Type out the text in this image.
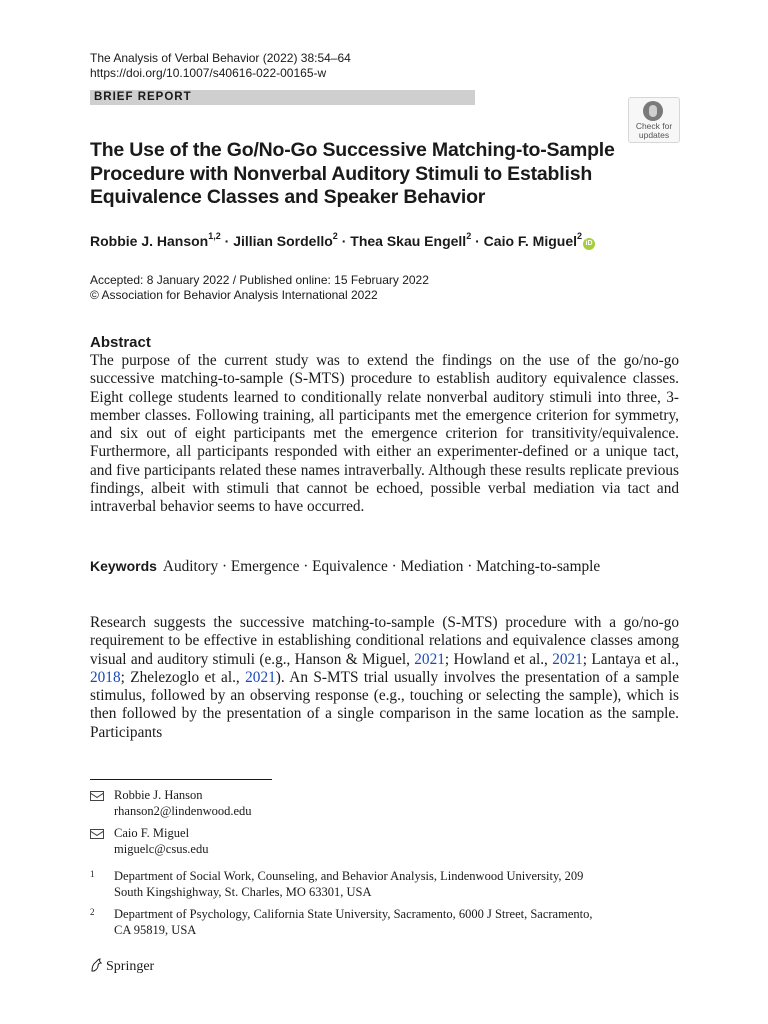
The Analysis of Verbal Behavior (2022) 38:54–64
https://doi.org/10.1007/s40616-022-00165-w
BRIEF REPORT
Check for
updates
The Use of the Go/No-Go Successive Matching-to-Sample Procedure with Nonverbal Auditory Stimuli to Establish Equivalence Classes and Speaker Behavior
Robbie J. Hanson$^{1,2}$ · Jillian Sordello$^2$ · Thea Skau Engell$^2$ · Caio F. Miguel$^2$iD
Accepted: 8 January 2022 / Published online: 15 February 2022
© Association for Behavior Analysis International 2022
Abstract
The purpose of the current study was to extend the findings on the use of the go/no-go successive matching-to-sample (S-MTS) procedure to establish auditory equivalence classes. Eight college students learned to conditionally relate nonverbal auditory stimuli into three, 3-member classes. Following training, all participants met the emergence criterion for symmetry, and six out of eight participants met the emergence criterion for transitivity/equivalence. Furthermore, all participants responded with either an experimenter-defined or a unique tact, and five participants related these names intraverbally. Although these results replicate previous findings, albeit with stimuli that cannot be echoed, possible verbal mediation via tact and intraverbal behavior seems to have occurred.
Keywords Auditory · Emergence · Equivalence · Mediation · Matching-to-sample
Research suggests the successive matching-to-sample (S-MTS) procedure with a go/no-go requirement to be effective in establishing conditional relations and equivalence classes among visual and auditory stimuli (e.g., Hanson & Miguel, 2021; Howland et al., 2021; Lantaya et al., 2018; Zhelezoglo et al., 2021). An S-MTS trial usually involves the presentation of a sample stimulus, followed by an observing response (e.g., touching or selecting the sample), which is then followed by the presentation of a single comparison in the same location as the sample. Participants
Robbie J. Hanson
rhanson2@lindenwood.edu
Caio F. Miguel
miguelc@csus.edu
1 Department of Social Work, Counseling, and Behavior Analysis, Lindenwood University, 209
South Kingshighway, St. Charles, MO 63301, USA
2 Department of Psychology, California State University, Sacramento, 6000 J Street, Sacramento,
CA 95819, USA
Springer
